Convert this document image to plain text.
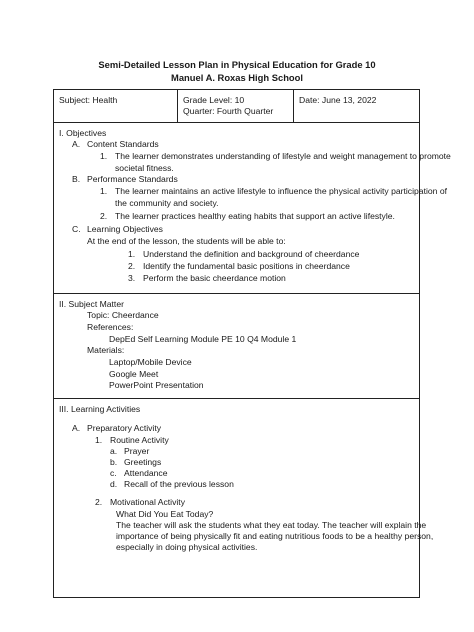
Semi-Detailed Lesson Plan in Physical Education for Grade 10
Manuel A. Roxas High School
Subject: Health	Grade Level: 10
Quarter: Fourth Quarter
Date: June 13, 2022
I. Objectives
A. Content Standards
1. The learner demonstrates understanding of lifestyle and weight management to promote
societal fitness.
B. Performance Standards
1. The learner maintains an active lifestyle to influence the physical activity participation of
the community and society.
2. The learner practices healthy eating habits that support an active lifestyle.
C. Learning Objectives
At the end of the lesson, the students will be able to:
1. Understand the definition and background of cheerdance
2. Identify the fundamental basic positions in cheerdance
3. Perform the basic cheerdance motion
II. Subject Matter
Topic: Cheerdance
References:
DepEd Self Learning Module PE 10 Q4 Module 1
Materials:
Laptop/Mobile Device
Google Meet
PowerPoint Presentation
III. Learning Activities
A. Preparatory Activity
1. Routine Activity
a. Prayer
b. Greetings
c. Attendance
d. Recall of the previous lesson
2. Motivational Activity
What Did You Eat Today?
The teacher will ask the students what they eat today. The teacher will explain the
importance of being physically fit and eating nutritious foods to be a healthy person,
especially in doing physical activities.
